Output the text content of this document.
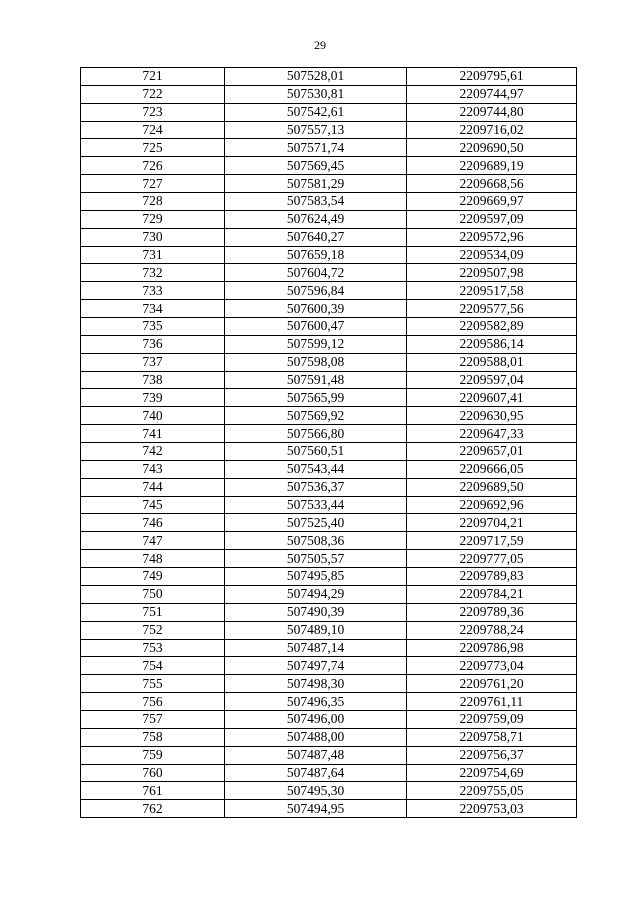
29
721	507528,01	2209795,61
722	507530,81	2209744,97
723	507542,61	2209744,80
724	507557,13	2209716,02
725	507571,74	2209690,50
726	507569,45	2209689,19
727	507581,29	2209668,56
728	507583,54	2209669,97
729	507624,49	2209597,09
730	507640,27	2209572,96
731	507659,18	2209534,09
732	507604,72	2209507,98
733	507596,84	2209517,58
734	507600,39	2209577,56
735	507600,47	2209582,89
736	507599,12	2209586,14
737	507598,08	2209588,01
738	507591,48	2209597,04
739	507565,99	2209607,41
740	507569,92	2209630,95
741	507566,80	2209647,33
742	507560,51	2209657,01
743	507543,44	2209666,05
744	507536,37	2209689,50
745	507533,44	2209692,96
746	507525,40	2209704,21
747	507508,36	2209717,59
748	507505,57	2209777,05
749	507495,85	2209789,83
750	507494,29	2209784,21
751	507490,39	2209789,36
752	507489,10	2209788,24
753	507487,14	2209786,98
754	507497,74	2209773,04
755	507498,30	2209761,20
756	507496,35	2209761,11
757	507496,00	2209759,09
758	507488,00	2209758,71
759	507487,48	2209756,37
760	507487,64	2209754,69
761	507495,30	2209755,05
762	507494,95	2209753,03
